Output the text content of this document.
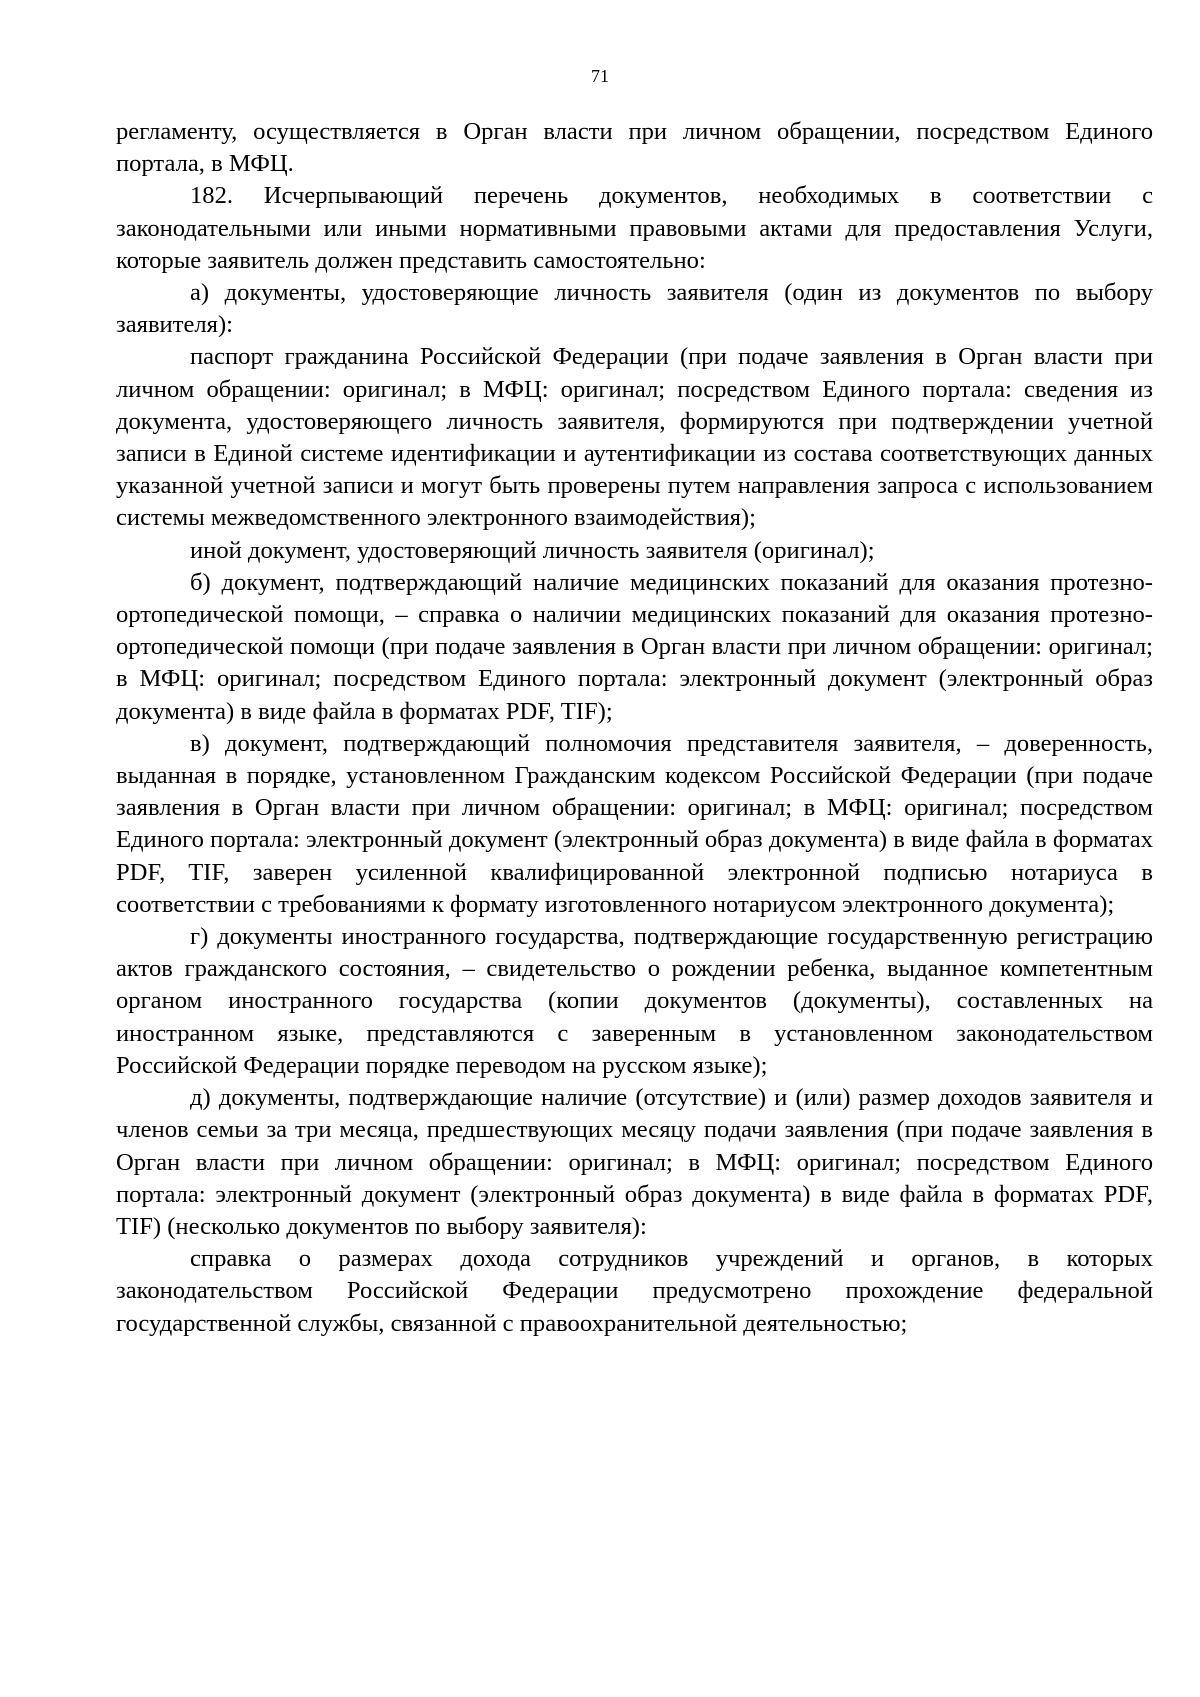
71

регламенту, осуществляется в Орган власти при личном обращении, посредством Единого портала, в МФЦ.

182. Исчерпывающий перечень документов, необходимых в соответствии с законодательными или иными нормативными правовыми актами для предоставления Услуги, которые заявитель должен представить самостоятельно:

а) документы, удостоверяющие личность заявителя (один из документов по выбору заявителя):

паспорт гражданина Российской Федерации (при подаче заявления в Орган власти при личном обращении: оригинал; в МФЦ: оригинал; посредством Единого портала: сведения из документа, удостоверяющего личность заявителя, формируются при подтверждении учетной записи в Единой системе идентификации и аутентификации из состава соответствующих данных указанной учетной записи и могут быть проверены путем направления запроса с использованием системы межведомственного электронного взаимодействия);

иной документ, удостоверяющий личность заявителя (оригинал);

б) документ, подтверждающий наличие медицинских показаний для оказания протезно-ортопедической помощи, – справка о наличии медицинских показаний для оказания протезно-ортопедической помощи (при подаче заявления в Орган власти при личном обращении: оригинал; в МФЦ: оригинал; посредством Единого портала: электронный документ (электронный образ документа) в виде файла в форматах PDF, TIF);

в) документ, подтверждающий полномочия представителя заявителя, – доверенность, выданная в порядке, установленном Гражданским кодексом Российской Федерации (при подаче заявления в Орган власти при личном обращении: оригинал; в МФЦ: оригинал; посредством Единого портала: электронный документ (электронный образ документа) в виде файла в форматах PDF, TIF, заверен усиленной квалифицированной электронной подписью нотариуса в соответствии с требованиями к формату изготовленного нотариусом электронного документа);

г) документы иностранного государства, подтверждающие государственную регистрацию актов гражданского состояния, – свидетельство о рождении ребенка, выданное компетентным органом иностранного государства (копии документов (документы), составленных на иностранном языке, представляются с заверенным в установленном законодательством Российской Федерации порядке переводом на русском языке);

д) документы, подтверждающие наличие (отсутствие) и (или) размер доходов заявителя и членов семьи за три месяца, предшествующих месяцу подачи заявления (при подаче заявления в Орган власти при личном обращении: оригинал; в МФЦ: оригинал; посредством Единого портала: электронный документ (электронный образ документа) в виде файла в форматах PDF, TIF) (несколько документов по выбору заявителя):

справка о размерах дохода сотрудников учреждений и органов, в которых законодательством Российской Федерации предусмотрено прохождение федеральной государственной службы, связанной с правоохранительной деятельностью;
